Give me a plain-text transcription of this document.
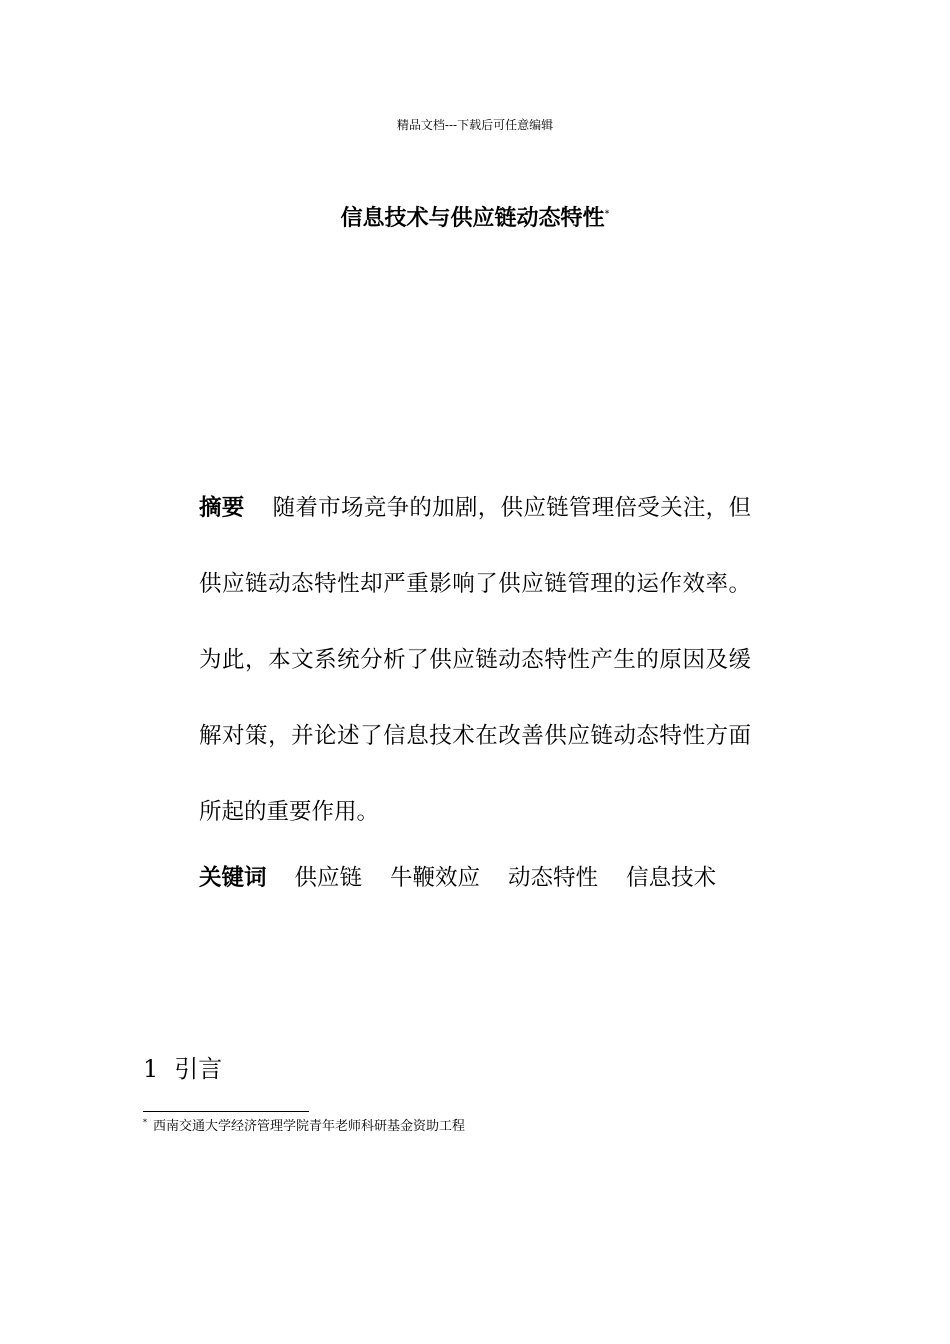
精品文档---下载后可任意编辑
信息技术与供应链动态特性*
摘要 随着市场竞争的加剧，供应链管理倍受关注，但供应链动态特性却严重影响了供应链管理的运作效率。为此，本文系统分析了供应链动态特性产生的原因及缓解对策，并论述了信息技术在改善供应链动态特性方面所起的重要作用。
关键词 供应链 牛鞭效应 动态特性 信息技术
1 引言
* 西南交通大学经济管理学院青年老师科研基金资助工程
